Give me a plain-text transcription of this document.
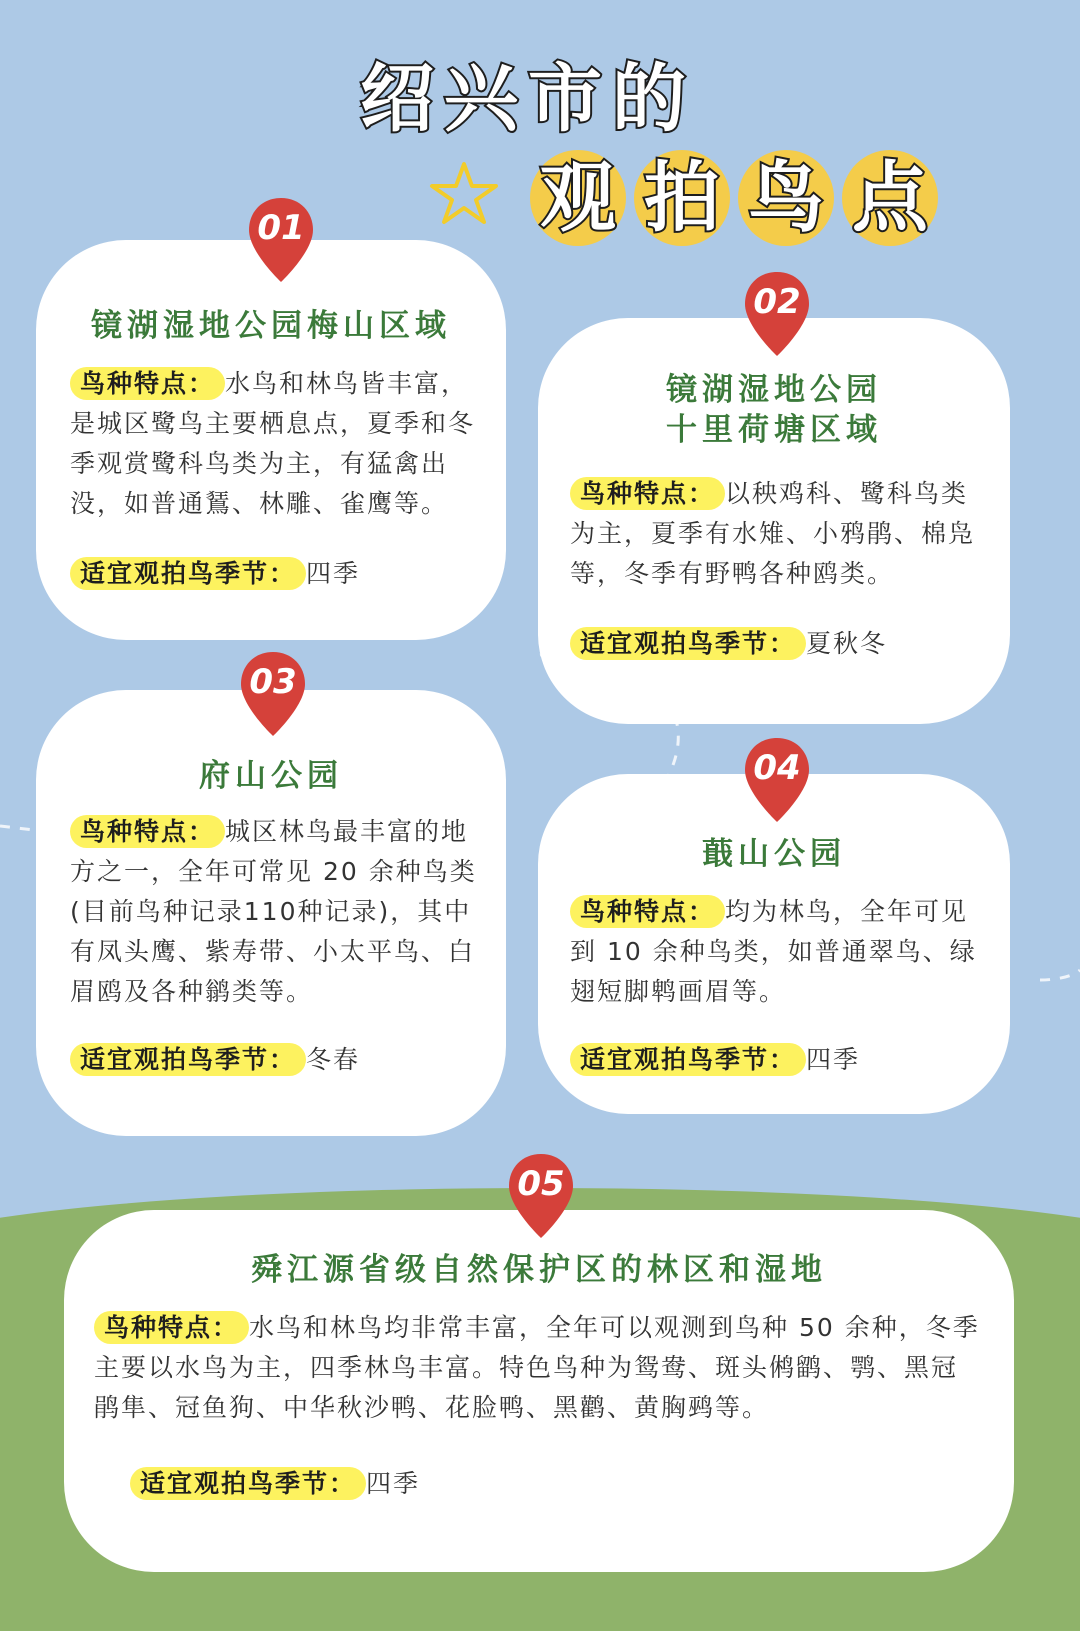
绍兴市的
观 拍 鸟 点
镜湖湿地公园梅山区域
鸟种特点： 水鸟和林鸟皆丰富，是城区鹭鸟主要栖息点，夏季和冬季观赏鹭科鸟类为主，有猛禽出没，如普通鵟、林雕、雀鹰等。
适宜观拍鸟季节： 四季
镜湖湿地公园
十里荷塘区域
鸟种特点： 以秧鸡科、鹭科鸟类为主，夏季有水雉、小鸦鹃、棉凫等，冬季有野鸭各种鸥类。
适宜观拍鸟季节： 夏秋冬
府山公园
鸟种特点： 城区林鸟最丰富的地方之一，全年可常见 20 余种鸟类(目前鸟种记录110种记录)，其中有凤头鹰、紫寿带、小太平鸟、白眉鸥及各种鹟类等。
适宜观拍鸟季节： 冬春
蕺山公园
鸟种特点： 均为林鸟，全年可见到 10 余种鸟类，如普通翠鸟、绿翅短脚鹎画眉等。
适宜观拍鸟季节： 四季
舜江源省级自然保护区的林区和湿地
鸟种特点： 水鸟和林鸟均非常丰富，全年可以观测到鸟种 50 余种，冬季主要以水鸟为主，四季林鸟丰富。特色鸟种为鸳鸯、斑头鸺鹠、鹗、黑冠鹃隼、冠鱼狗、中华秋沙鸭、花脸鸭、黑鹳、黄胸鹀等。
适宜观拍鸟季节： 四季
01
02
03
04
05
